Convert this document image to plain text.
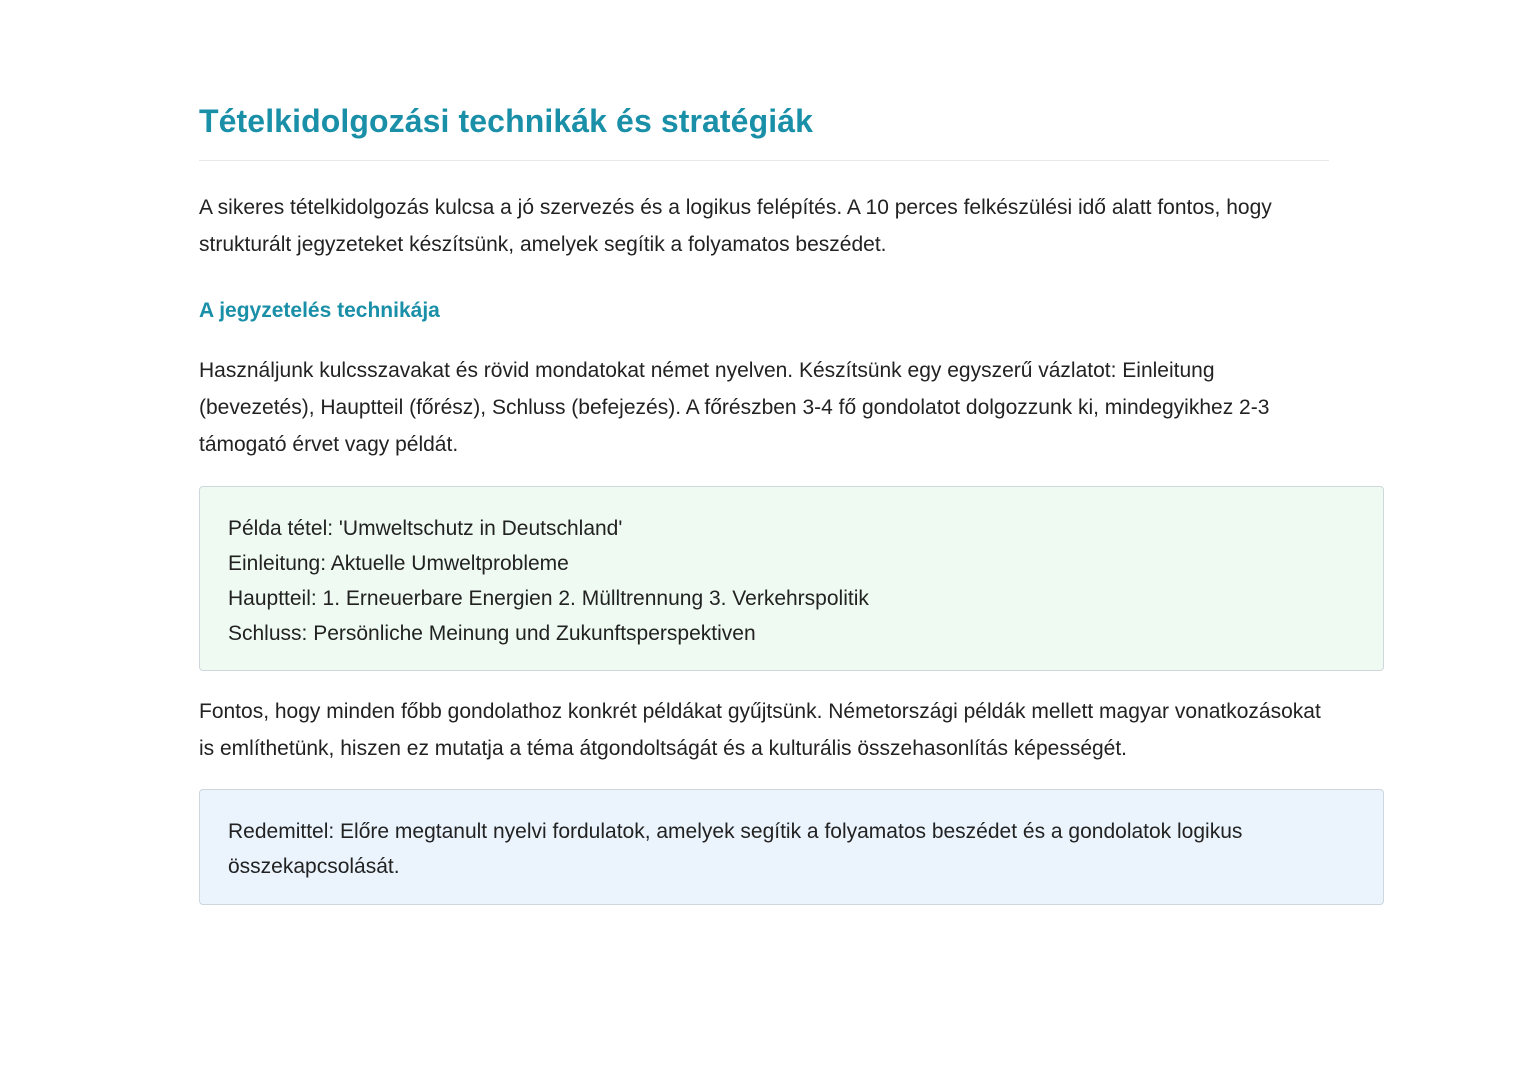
Tételkidolgozási technikák és stratégiák

A sikeres tételkidolgozás kulcsa a jó szervezés és a logikus felépítés. A 10 perces felkészülési idő alatt fontos, hogy strukturált jegyzeteket készítsünk, amelyek segítik a folyamatos beszédet.

A jegyzetelés technikája

Használjunk kulcsszavakat és rövid mondatokat német nyelven. Készítsünk egy egyszerű vázlatot: Einleitung (bevezetés), Hauptteil (főrész), Schluss (befejezés). A főrészben 3-4 fő gondolatot dolgozzunk ki, mindegyikhez 2-3 támogató érvet vagy példát.

Példa tétel: 'Umweltschutz in Deutschland'
Einleitung: Aktuelle Umweltprobleme
Hauptteil: 1. Erneuerbare Energien 2. Mülltrennung 3. Verkehrspolitik
Schluss: Persönliche Meinung und Zukunftsperspektiven

Fontos, hogy minden főbb gondolathoz konkrét példákat gyűjtsünk. Németországi példák mellett magyar vonatkozásokat is említhetünk, hiszen ez mutatja a téma átgondoltságát és a kulturális összehasonlítás képességét.

Redemittel: Előre megtanult nyelvi fordulatok, amelyek segítik a folyamatos beszédet és a gondolatok logikus összekapcsolását.
